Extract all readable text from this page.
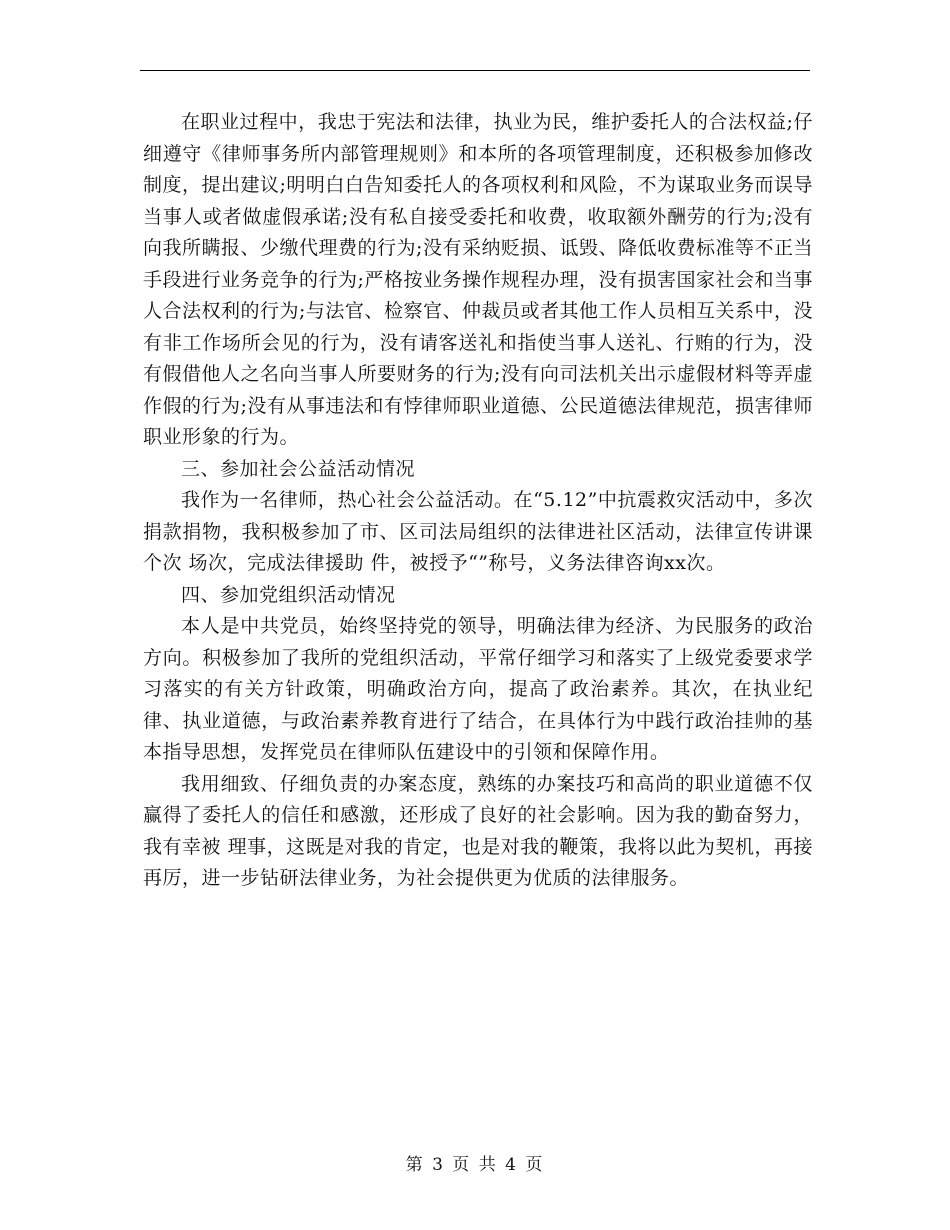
在职业过程中，我忠于宪法和法律，执业为民，维护委托人的合法权益;仔细遵守《律师事务所内部管理规则》和本所的各项管理制度，还积极参加修改制度，提出建议;明明白白告知委托人的各项权利和风险，不为谋取业务而误导当事人或者做虚假承诺;没有私自接受委托和收费，收取额外酬劳的行为;没有向我所瞒报、少缴代理费的行为;没有采纳贬损、诋毁、降低收费标准等不正当手段进行业务竞争的行为;严格按业务操作规程办理，没有损害国家社会和当事人合法权利的行为;与法官、检察官、仲裁员或者其他工作人员相互关系中，没有非工作场所会见的行为，没有请客送礼和指使当事人送礼、行贿的行为，没有假借他人之名向当事人所要财务的行为;没有向司法机关出示虚假材料等弄虚作假的行为;没有从事违法和有悖律师职业道德、公民道德法律规范，损害律师职业形象的行为。

三、参加社会公益活动情况

我作为一名律师，热心社会公益活动。在“5.12”中抗震救灾活动中，多次捐款捐物，我积极参加了市、区司法局组织的法律进社区活动，法律宣传讲课个次 场次，完成法律援助 件，被授予“”称号，义务法律咨询xx次。

四、参加党组织活动情况

本人是中共党员，始终坚持党的领导，明确法律为经济、为民服务的政治方向。积极参加了我所的党组织活动，平常仔细学习和落实了上级党委要求学习落实的有关方针政策，明确政治方向，提高了政治素养。其次，在执业纪律、执业道德，与政治素养教育进行了结合，在具体行为中践行政治挂帅的基本指导思想，发挥党员在律师队伍建设中的引领和保障作用。

我用细致、仔细负责的办案态度，熟练的办案技巧和高尚的职业道德不仅赢得了委托人的信任和感激，还形成了良好的社会影响。因为我的勤奋努力，我有幸被 理事，这既是对我的肯定，也是对我的鞭策，我将以此为契机，再接再厉，进一步钻研法律业务，为社会提供更为优质的法律服务。

第 3 页 共 4 页
